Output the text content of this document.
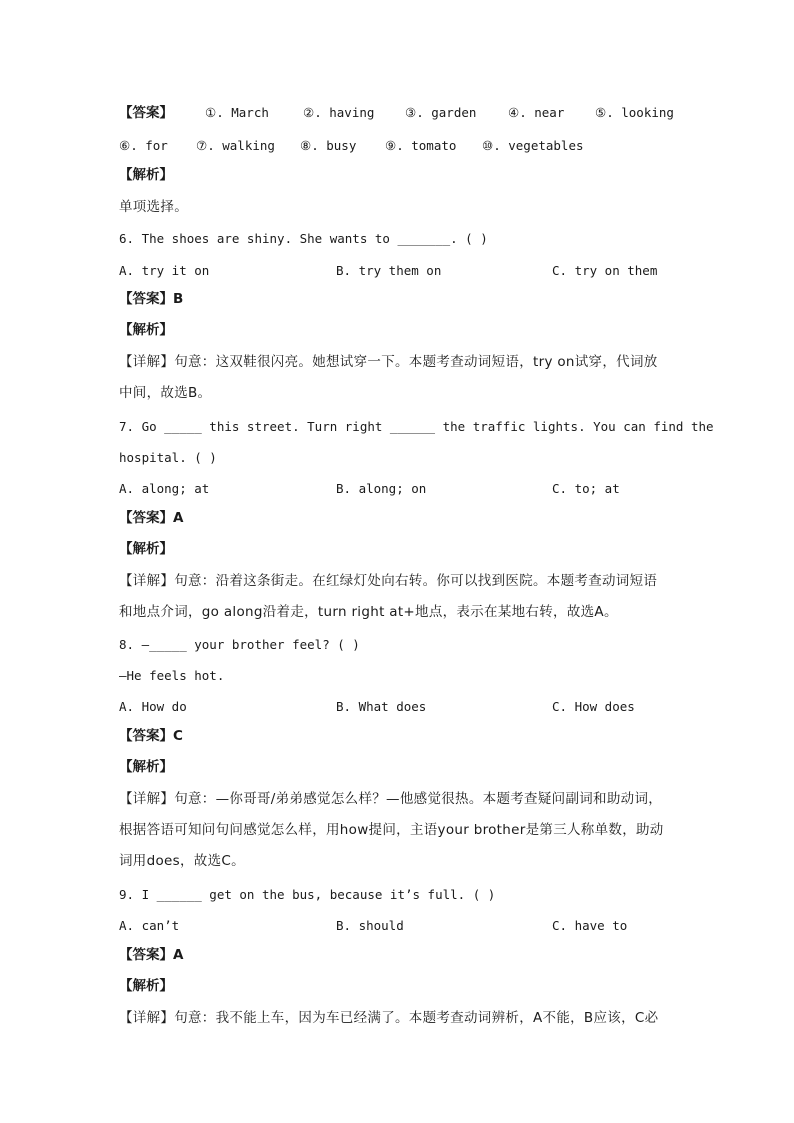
【答案】	①. March	②. having ③. garden	④. near ⑤. looking
⑥. for ⑦. walking ⑧. busy ⑨. tomato ⑩. vegetables
【解析】
单项选择。
6. The shoes are shiny. She wants to _______. ( )
A. try it on	B. try them on	C. try on them
【答案】B
【解析】
【详解】句意：这双鞋很闪亮。她想试穿一下。本题考查动词短语，try on试穿，代词放
中间，故选B。
7. Go _____ this street. Turn right ______ the traffic lights. You can find the
hospital. ( )
A. along; at	B. along; on	C. to; at
【答案】A
【解析】
【详解】句意：沿着这条街走。在红绿灯处向右转。你可以找到医院。本题考查动词短语
和地点介词，go along沿着走，turn right at+地点，表示在某地右转，故选A。
8. —_____ your brother feel? ( )
—He feels hot.
A. How do	B. What does	C. How does
【答案】C
【解析】
【详解】句意：—你哥哥/弟弟感觉怎么样？—他感觉很热。本题考查疑问副词和助动词，
根据答语可知问句问感觉怎么样，用how提问，主语your brother是第三人称单数，助动
词用does，故选C。
9. I ______ get on the bus, because it’s full. ( )
A. can’t	B. should	C. have to
【答案】A
【解析】
【详解】句意：我不能上车，因为车已经满了。本题考查动词辨析，A不能，B应该，C必
